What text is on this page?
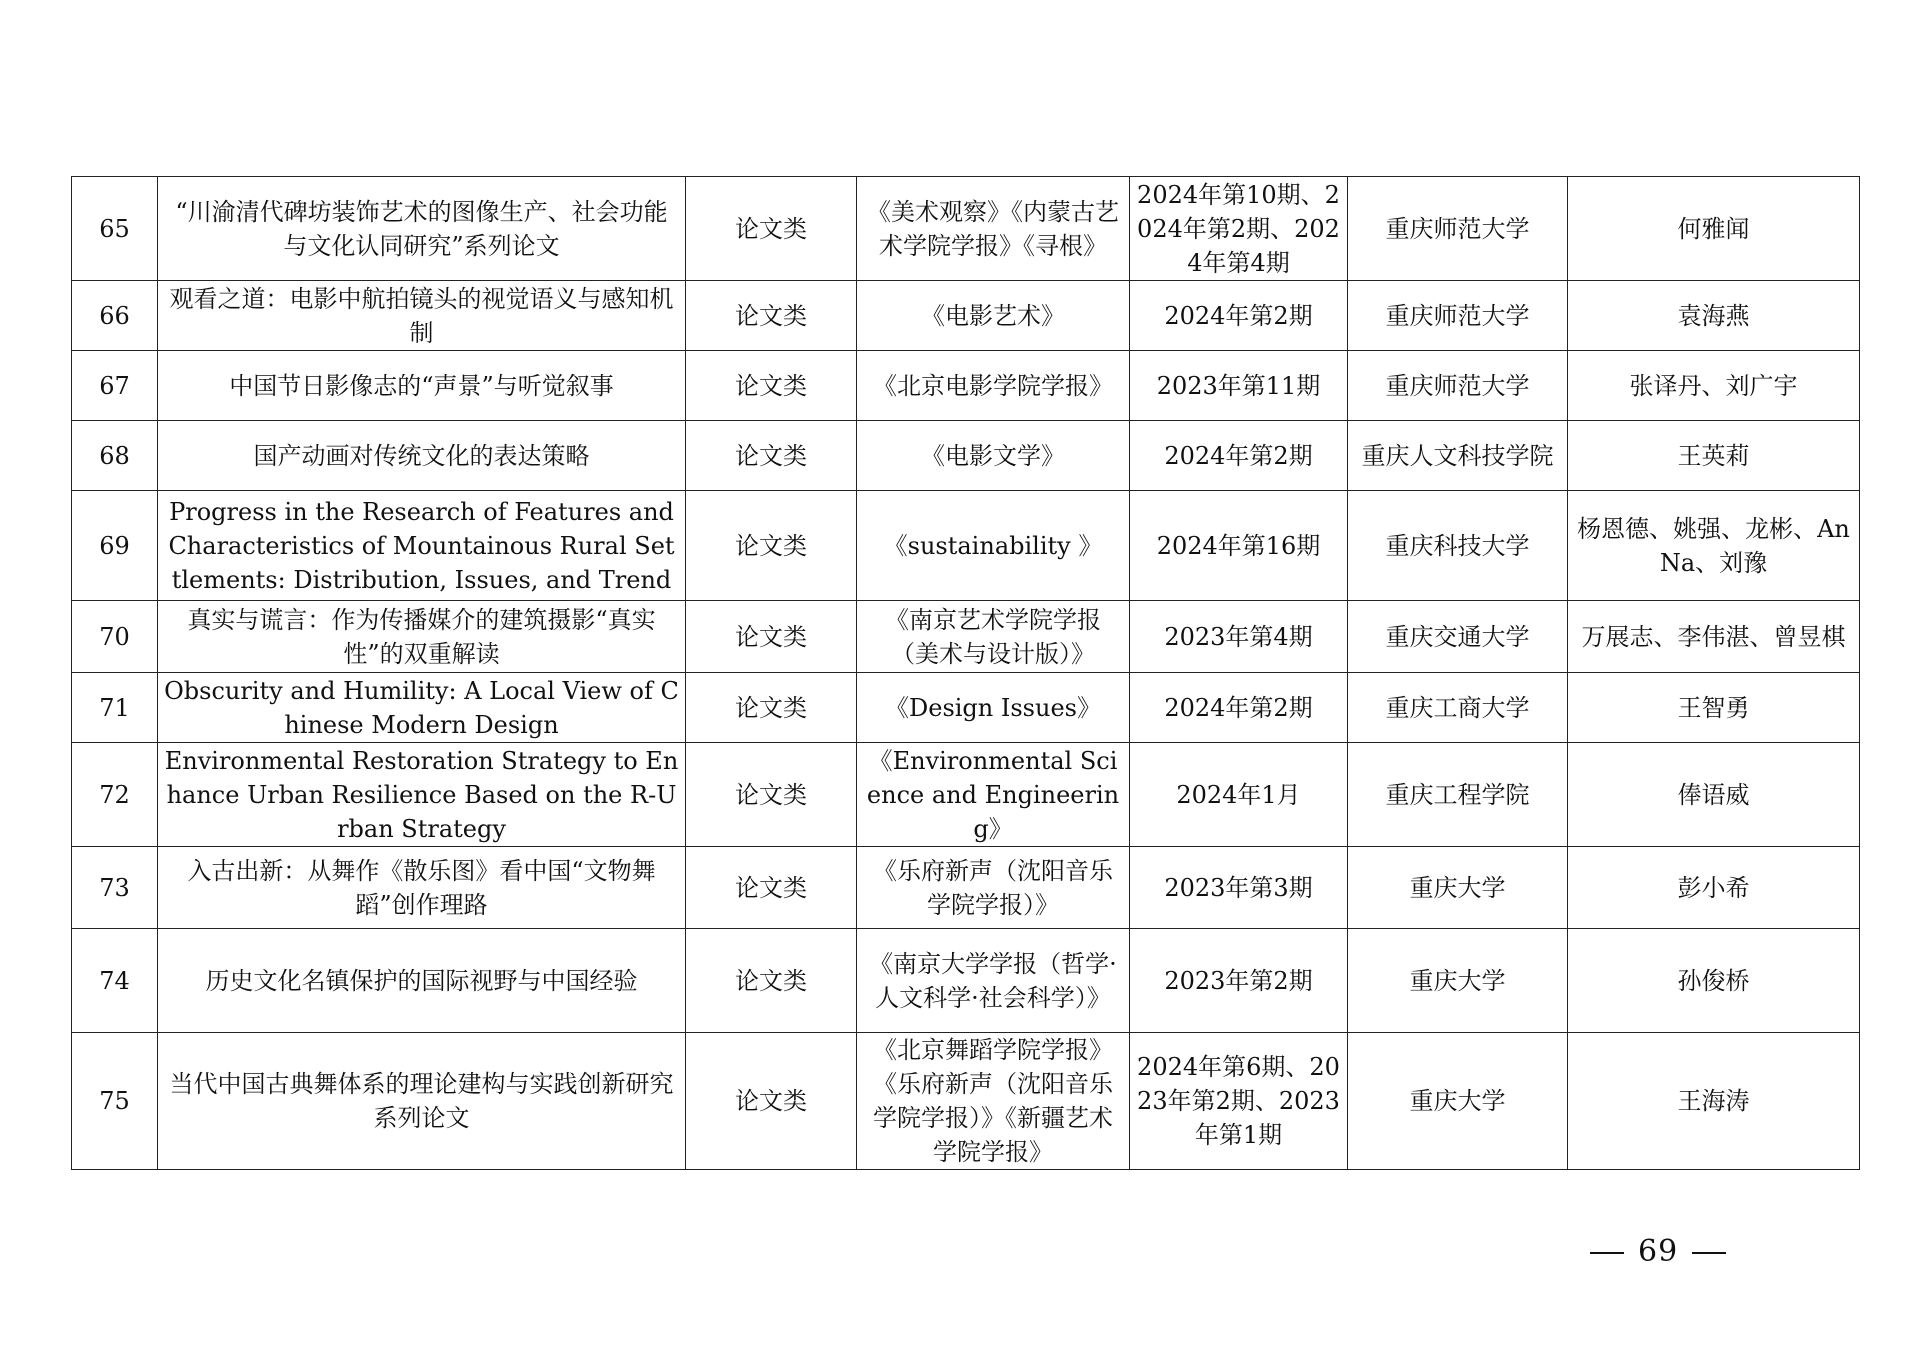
65	“川渝清代碑坊装饰艺术的图像生产、社会功能与文化认同研究”系列论文	论文类	《美术观察》《内蒙古艺术学院学报》《寻根》	2024年第10期、2024年第2期、2024年第4期	重庆师范大学	何雅闻
66	观看之道：电影中航拍镜头的视觉语义与感知机制	论文类	《电影艺术》	2024年第2期	重庆师范大学	袁海燕
67	中国节日影像志的“声景”与听觉叙事	论文类	《北京电影学院学报》	2023年第11期	重庆师范大学	张译丹、刘广宇
68	国产动画对传统文化的表达策略	论文类	《电影文学》	2024年第2期	重庆人文科技学院	王英莉
69	Progress in the Research of Features and Characteristics of Mountainous Rural Settlements: Distribution, Issues, and Trend	论文类	《sustainability 》	2024年第16期	重庆科技大学	杨恩德、姚强、龙彬、An Na、刘豫
70	真实与谎言：作为传播媒介的建筑摄影“真实性”的双重解读	论文类	《南京艺术学院学报（美术与设计版）》	2023年第4期	重庆交通大学	万展志、李伟湛、曾昱棋
71	Obscurity and Humility: A Local View of Chinese Modern Design	论文类	《Design Issues》	2024年第2期	重庆工商大学	王智勇
72	Environmental Restoration Strategy to Enhance Urban Resilience Based on the R-Urban Strategy	论文类	《Environmental Science and Engineering》	2024年1月	重庆工程学院	俸语威
73	入古出新：从舞作《散乐图》看中国“文物舞蹈”创作理路	论文类	《乐府新声（沈阳音乐学院学报）》	2023年第3期	重庆大学	彭小希
74	历史文化名镇保护的国际视野与中国经验	论文类	《南京大学学报（哲学·人文科学·社会科学）》	2023年第2期	重庆大学	孙俊桥
75	当代中国古典舞体系的理论建构与实践创新研究系列论文	论文类	《北京舞蹈学院学报》《乐府新声（沈阳音乐学院学报）》《新疆艺术学院学报》	2024年第6期、2023年第2期、2023年第1期	重庆大学	王海涛
69
